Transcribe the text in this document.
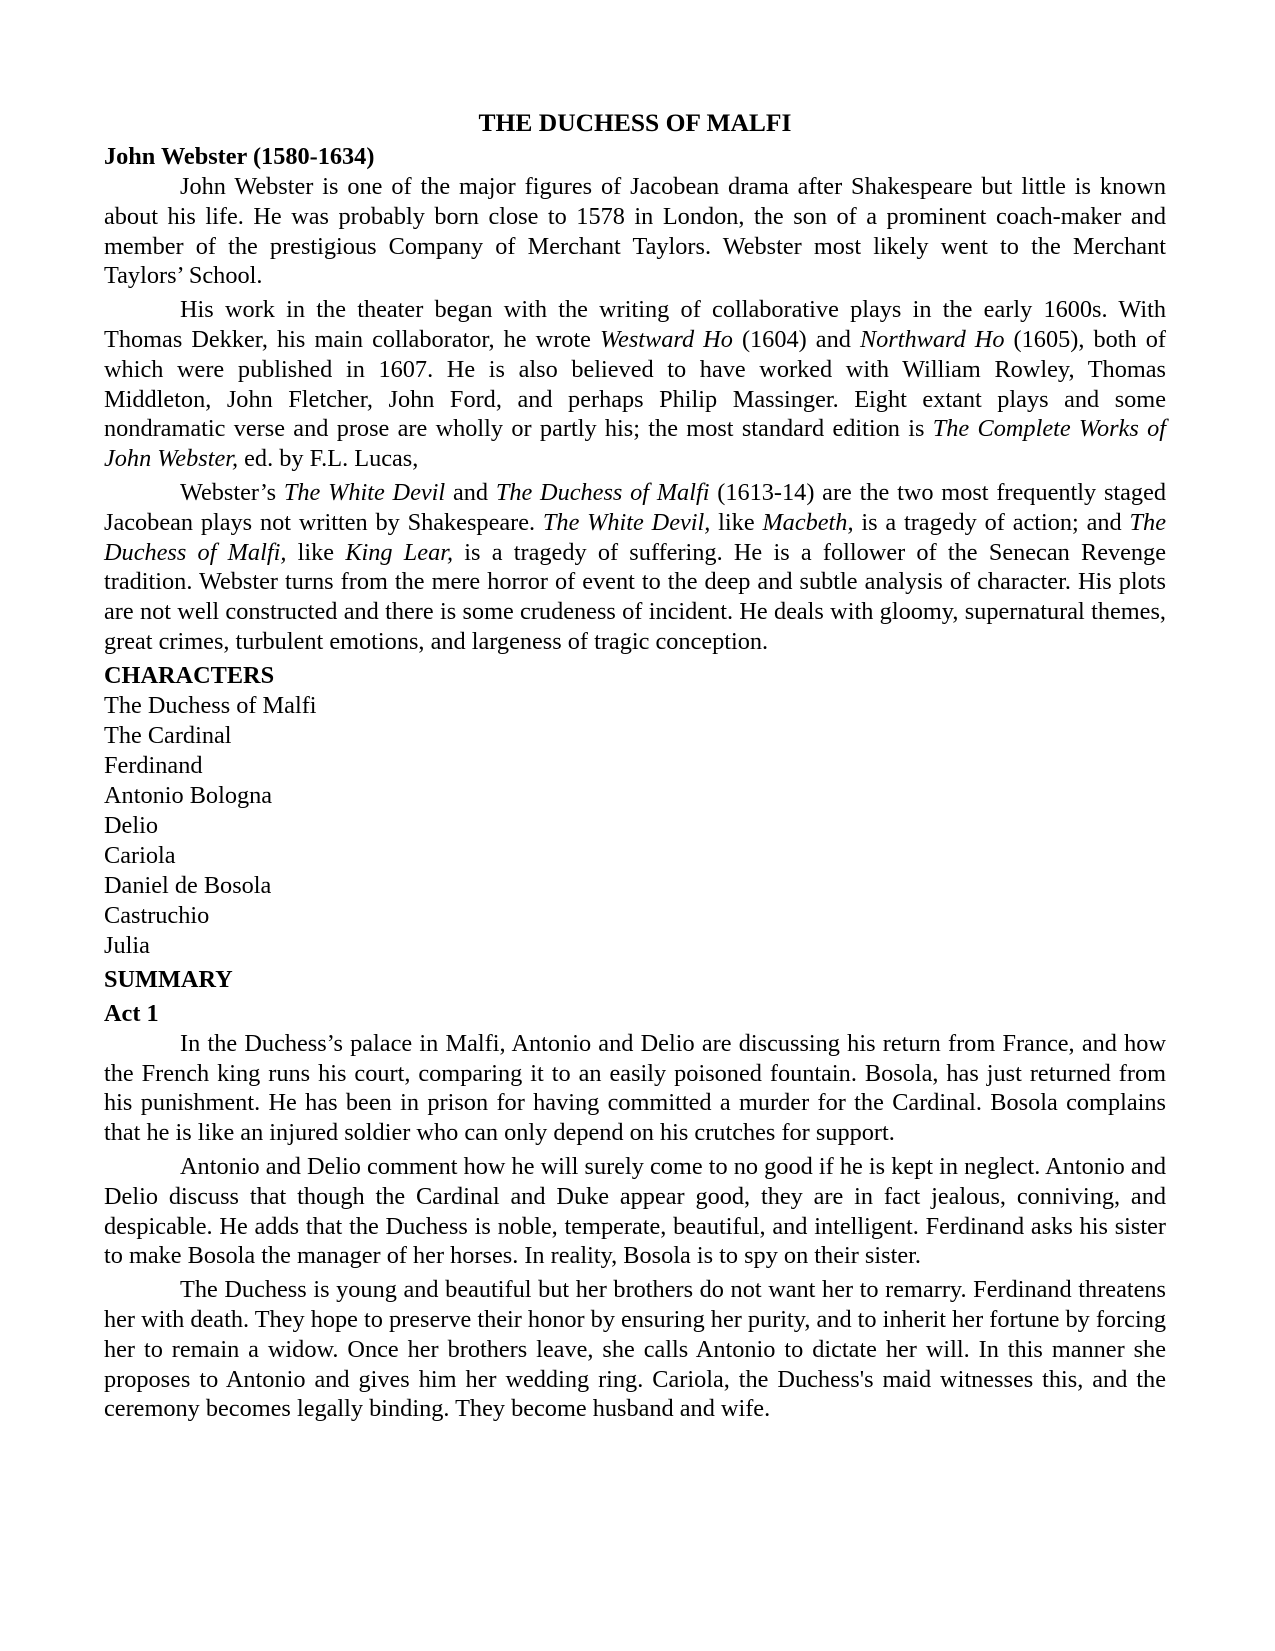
THE DUCHESS OF MALFI
John Webster (1580-1634)

John Webster is one of the major figures of Jacobean drama after Shakespeare but little is known about his life. He was probably born close to 1578 in London, the son of a prominent coach-maker and member of the prestigious Company of Merchant Taylors. Webster most likely went to the Merchant Taylors’ School.

His work in the theater began with the writing of collaborative plays in the early 1600s. With Thomas Dekker, his main collaborator, he wrote Westward Ho (1604) and Northward Ho (1605), both of which were published in 1607. He is also believed to have worked with William Rowley, Thomas Middleton, John Fletcher, John Ford, and perhaps Philip Massinger. Eight extant plays and some nondramatic verse and prose are wholly or partly his; the most standard edition is The Complete Works of John Webster, ed. by F.L. Lucas,

Webster’s The White Devil and The Duchess of Malfi (1613-14) are the two most frequently staged Jacobean plays not written by Shakespeare. The White Devil, like Macbeth, is a tragedy of action; and The Duchess of Malfi, like King Lear, is a tragedy of suffering. He is a follower of the Senecan Revenge tradition. Webster turns from the mere horror of event to the deep and subtle analysis of character. His plots are not well constructed and there is some crudeness of incident. He deals with gloomy, supernatural themes, great crimes, turbulent emotions, and largeness of tragic conception.

CHARACTERS
The Duchess of Malfi
The Cardinal
Ferdinand
Antonio Bologna
Delio
Cariola
Daniel de Bosola
Castruchio
Julia
SUMMARY
Act 1

In the Duchess’s palace in Malfi, Antonio and Delio are discussing his return from France, and how the French king runs his court, comparing it to an easily poisoned fountain. Bosola, has just returned from his punishment. He has been in prison for having committed a murder for the Cardinal. Bosola complains that he is like an injured soldier who can only depend on his crutches for support.

Antonio and Delio comment how he will surely come to no good if he is kept in neglect. Antonio and Delio discuss that though the Cardinal and Duke appear good, they are in fact jealous, conniving, and despicable. He adds that the Duchess is noble, temperate, beautiful, and intelligent. Ferdinand asks his sister to make Bosola the manager of her horses. In reality, Bosola is to spy on their sister.

The Duchess is young and beautiful but her brothers do not want her to remarry. Ferdinand threatens her with death. They hope to preserve their honor by ensuring her purity, and to inherit her fortune by forcing her to remain a widow. Once her brothers leave, she calls Antonio to dictate her will. In this manner she proposes to Antonio and gives him her wedding ring. Cariola, the Duchess's maid witnesses this, and the ceremony becomes legally binding. They become husband and wife.
